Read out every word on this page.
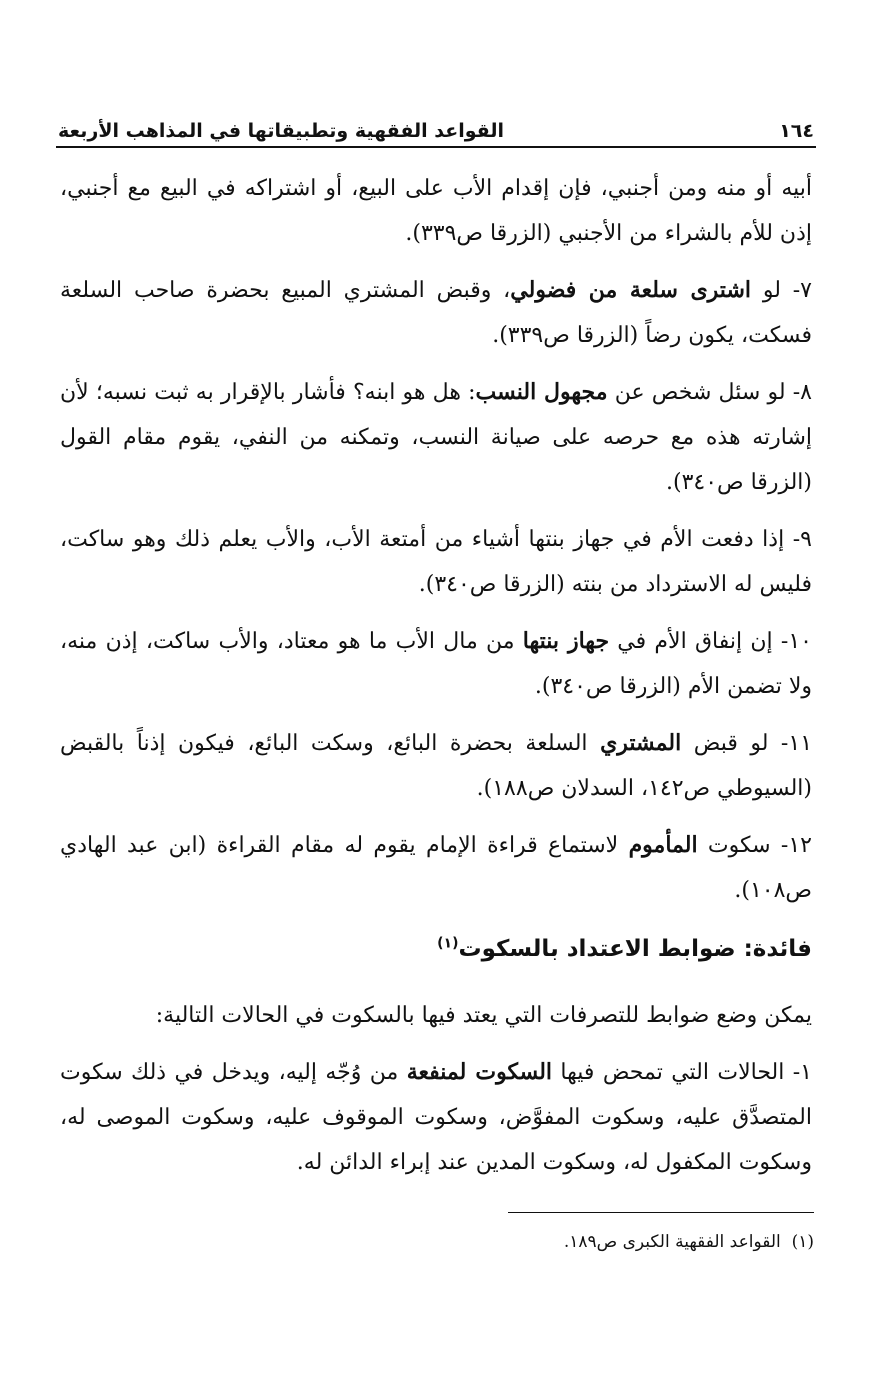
١٦٤
القواعد الفقهية وتطبيقاتها في المذاهب الأربعة

أبيه أو منه ومن أجنبي، فإن إقدام الأب على البيع، أو اشتراكه في البيع مع أجنبي، إذن للأم بالشراء من الأجنبي (الزرقا ص٣٣٩).

٧- لو اشترى سلعة من فضولي، وقبض المشتري المبيع بحضرة صاحب السلعة فسكت، يكون رضاً (الزرقا ص٣٣٩).

٨- لو سئل شخص عن مجهول النسب: هل هو ابنه؟ فأشار بالإقرار به ثبت نسبه؛ لأن إشارته هذه مع حرصه على صيانة النسب، وتمكنه من النفي، يقوم مقام القول (الزرقا ص٣٤٠).

٩- إذا دفعت الأم في جهاز بنتها أشياء من أمتعة الأب، والأب يعلم ذلك وهو ساكت، فليس له الاسترداد من بنته (الزرقا ص٣٤٠).

١٠- إن إنفاق الأم في جهاز بنتها من مال الأب ما هو معتاد، والأب ساكت، إذن منه، ولا تضمن الأم (الزرقا ص٣٤٠).

١١- لو قبض المشتري السلعة بحضرة البائع، وسكت البائع، فيكون إذناً بالقبض (السيوطي ص١٤٢، السدلان ص١٨٨).

١٢- سكوت المأموم لاستماع قراءة الإمام يقوم له مقام القراءة (ابن عبد الهادي ص١٠٨).

فائدة: ضوابط الاعتداد بالسكوت$^{(١)}$

يمكن وضع ضوابط للتصرفات التي يعتد فيها بالسكوت في الحالات التالية:

١- الحالات التي تمحض فيها السكوت لمنفعة من وُجّه إليه، ويدخل في ذلك سكوت المتصدَّق عليه، وسكوت المفوَّض، وسكوت الموقوف عليه، وسكوت الموصى له، وسكوت المكفول له، وسكوت المدين عند إبراء الدائن له.

(١)  القواعد الفقهية الكبرى ص١٨٩.
